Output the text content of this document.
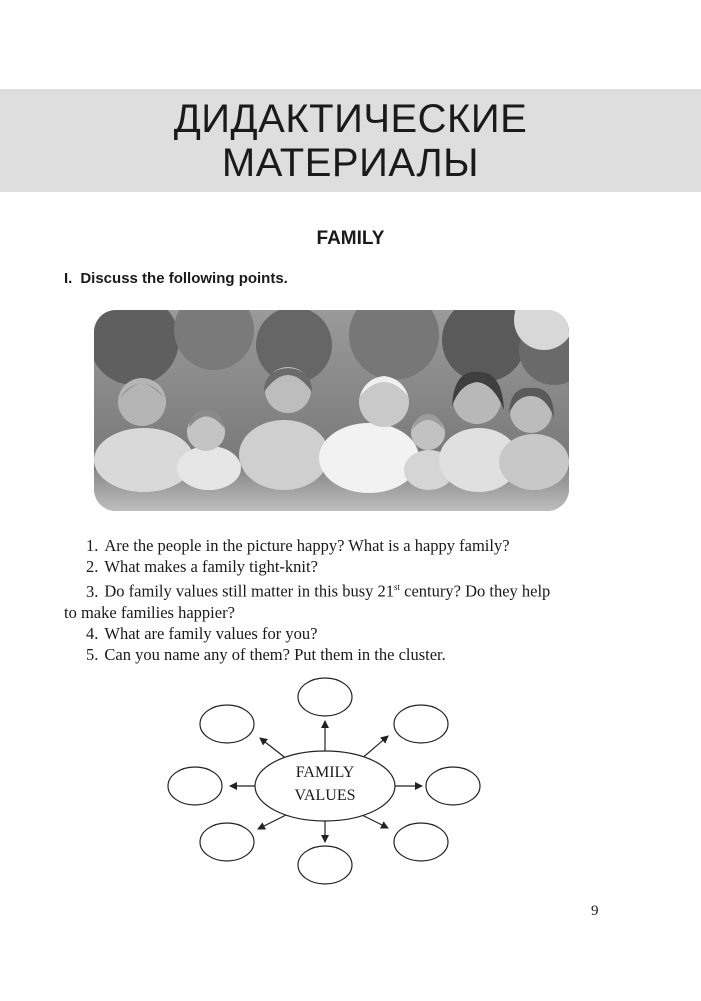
ДИДАКТИЧЕСКИЕ
МАТЕРИАЛЫ
FAMILY
I. Discuss the following points.

1. Are the people in the picture happy? What is a happy family?

2. What makes a family tight-knit?

3. Do family values still matter in this busy 21st century? Do they help
to make families happier?

4. What are family values for you?

5. Can you name any of them? Put them in the cluster.

FAMILY
VALUES
9
